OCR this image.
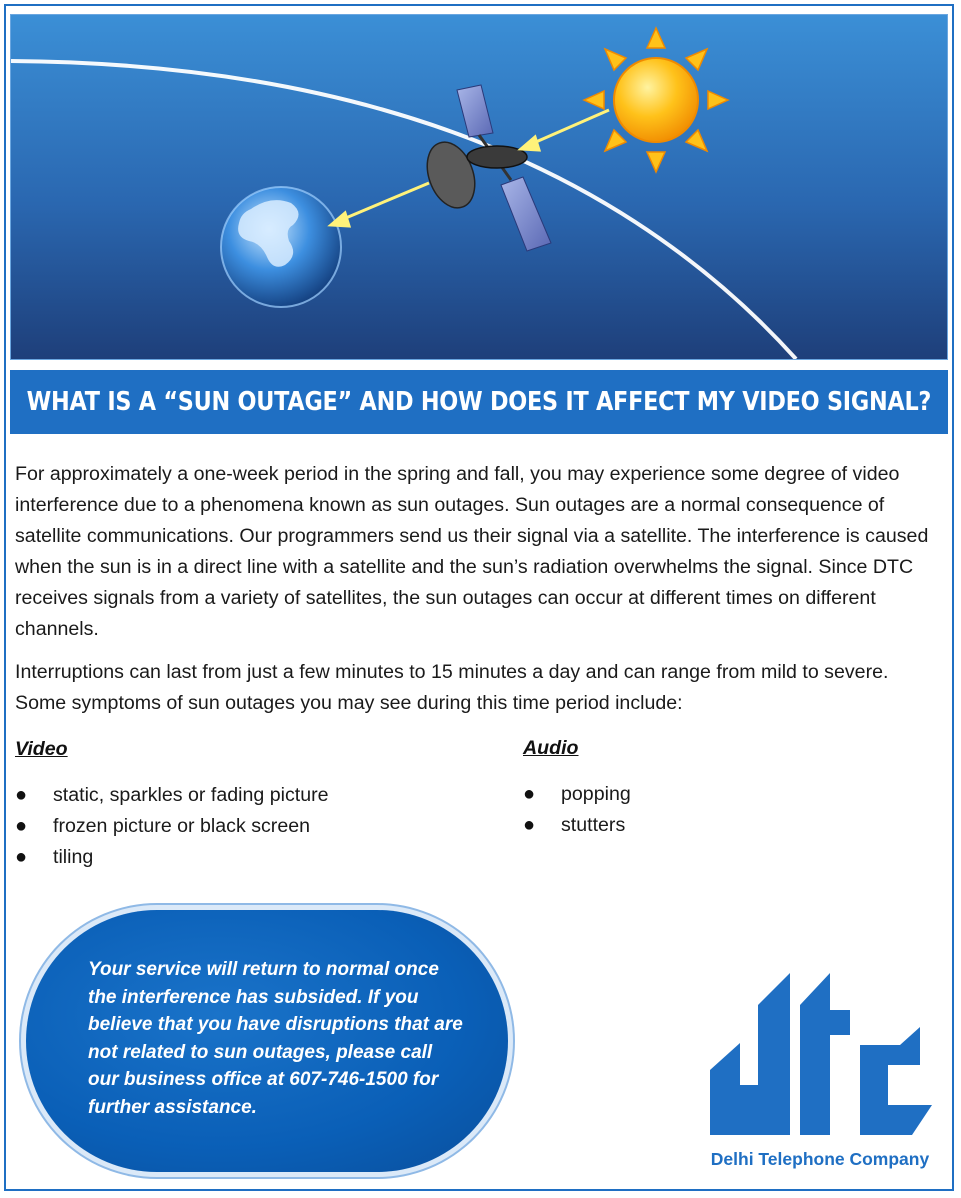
WHAT IS A “SUN OUTAGE” AND HOW DOES IT AFFECT MY VIDEO SIGNAL?

For approximately a one-week period in the spring and fall, you may experience some degree of video interference due to a phenomena known as sun outages. Sun outages are a normal consequence of satellite communications. Our programmers send us their signal via a satellite. The interference is caused when the sun is in a direct line with a satellite and the sun’s radiation overwhelms the signal. Since DTC receives signals from a variety of satellites, the sun outages can occur at different times on different channels.

Interruptions can last from just a few minutes to 15 minutes a day and can range from mild to severe. Some symptoms of sun outages you may see during this time period include:

Video
● static, sparkles or fading picture
● frozen picture or black screen
● tiling
Audio
● popping
● stutters

Your service will return to normal once the interference has subsided. If you believe that you have disruptions that are not related to sun outages, please call our business office at 607-746-1500 for further assistance.

Delhi Telephone Company
